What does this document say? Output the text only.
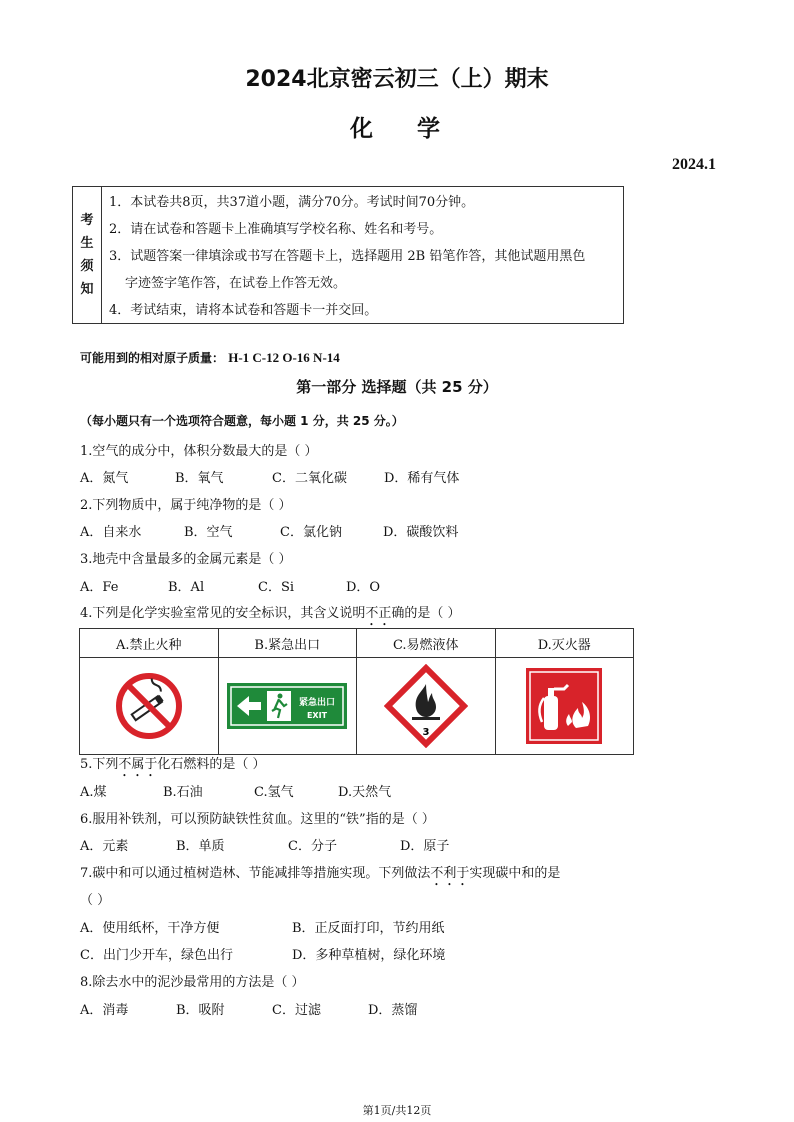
2024北京密云初三（上）期末
化学
2024.1
考
生
须
知
1．本试卷共8页，共37道小题，满分70分。考试时间70分钟。
2．请在试卷和答题卡上准确填写学校名称、姓名和考号。
3．试题答案一律填涂或书写在答题卡上，选择题用 2B 铅笔作答，其他试题用黑色
字迹签字笔作答，在试卷上作答无效。
4．考试结束，请将本试卷和答题卡一并交回。
可能用到的相对原子质量： H-1 C-12 O-16 N-14
第一部分 选择题（共 25 分）
（每小题只有一个选项符合题意，每小题 1 分，共 25 分。）
1.空气的成分中，体积分数最大的是（ ）
A．氮气	B．氧气	C．二氧化碳	D．稀有气体
2.下列物质中，属于纯净物的是（ ）
A．自来水	B．空气	C．氯化钠	D．碳酸饮料
3.地壳中含量最多的金属元素是（ ）
A．Fe	B．Al	C．Si	D．O
4.下列是化学实验室常见的安全标识，其含义说明不正确的是（ ）
A.禁止火种	B.紧急出口	C.易燃液体	D.灭火器

紧急出口
EXIT	3

5.下列不属于化石燃料的是（ ）
A.煤	B.石油	C.氢气	D.天然气
6.服用补铁剂，可以预防缺铁性贫血。这里的“铁”指的是（ ）
A．元素	B．单质	C．分子	D．原子
7.碳中和可以通过植树造林、节能减排等措施实现。下列做法不利于实现碳中和的是
（ ）
A．使用纸杯，干净方便	B．正反面打印，节约用纸
C．出门少开车，绿色出行	D．多种草植树，绿化环境
8.除去水中的泥沙最常用的方法是（ ）
A．消毒	B．吸附	C．过滤	D．蒸馏
第1页/共12页
